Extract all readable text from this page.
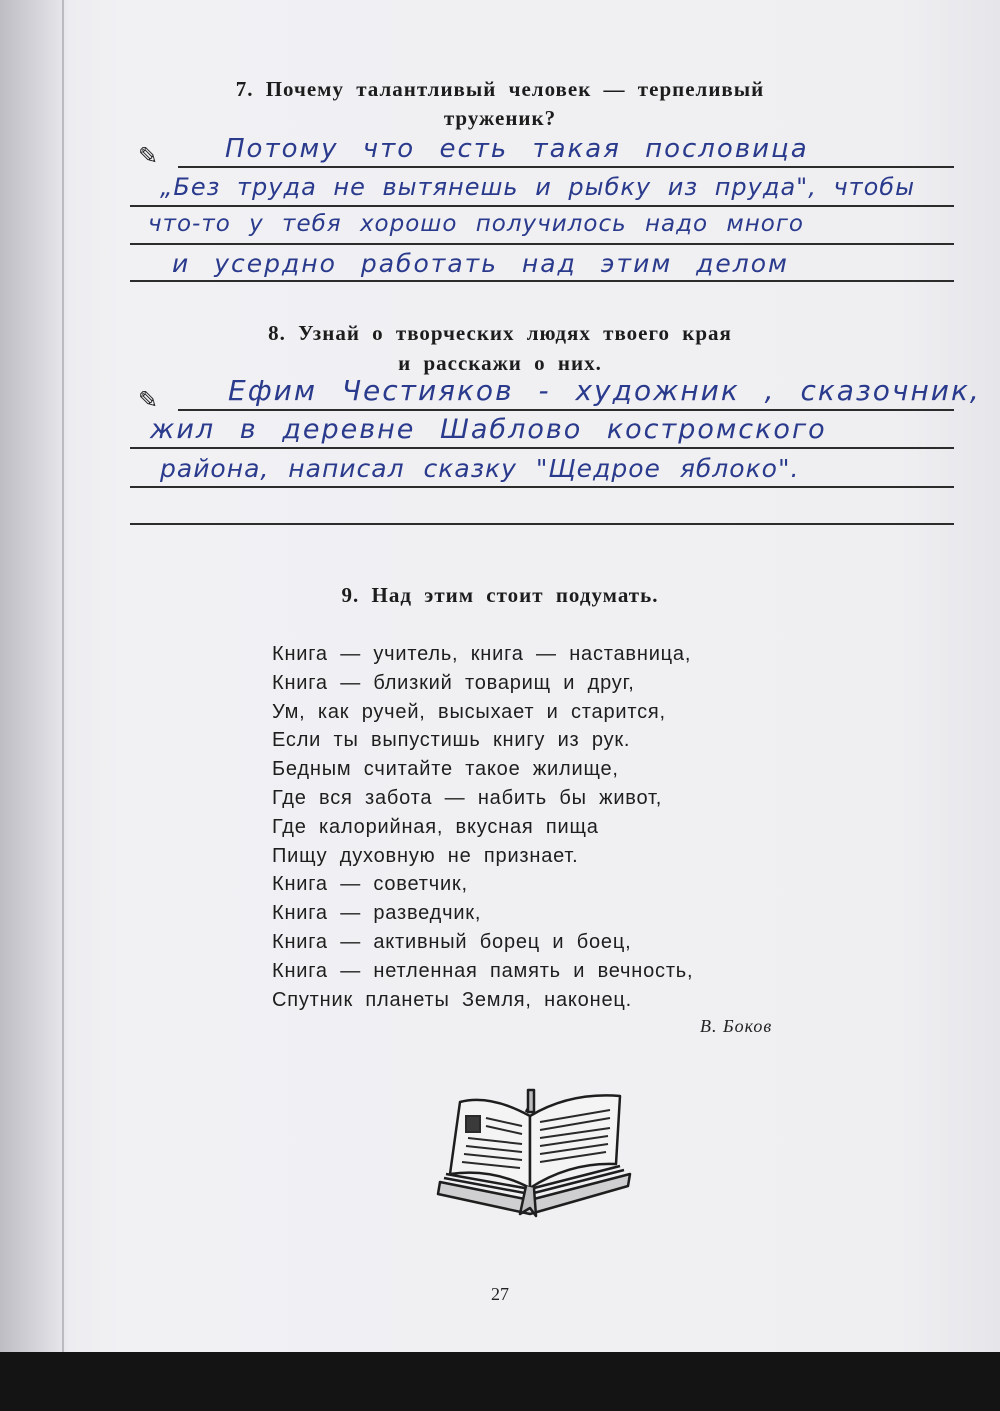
7. Почему талантливый человек — терпеливый
труженик?
✎	Потому что есть такая пословица
„Без труда не вытянешь и рыбку из пруда", чтобы
что-то у тебя хорошо получилось надо много
и усердно работать над этим делом
8. Узнай о творческих людях твоего края
и расскажи о них.
✎ Ефим Честияков - художник , сказочник,
жил в деревне Шаблово костромского
района, написал сказку "Щедрое яблоко".
9. Над этим стоит подумать.
Книга — учитель, книга — наставница,
Книга — близкий товарищ и друг,
Ум, как ручей, высыхает и старится,
Если ты выпустишь книгу из рук.
Бедным считайте такое жилище,
Где вся забота — набить бы живот,
Где калорийная, вкусная пища
Пищу духовную не признает.
Книга — советчик,
Книга — разведчик,
Книга — активный борец и боец,
Книга — нетленная память и вечность,
Спутник планеты Земля, наконец.
В. Боков
27
